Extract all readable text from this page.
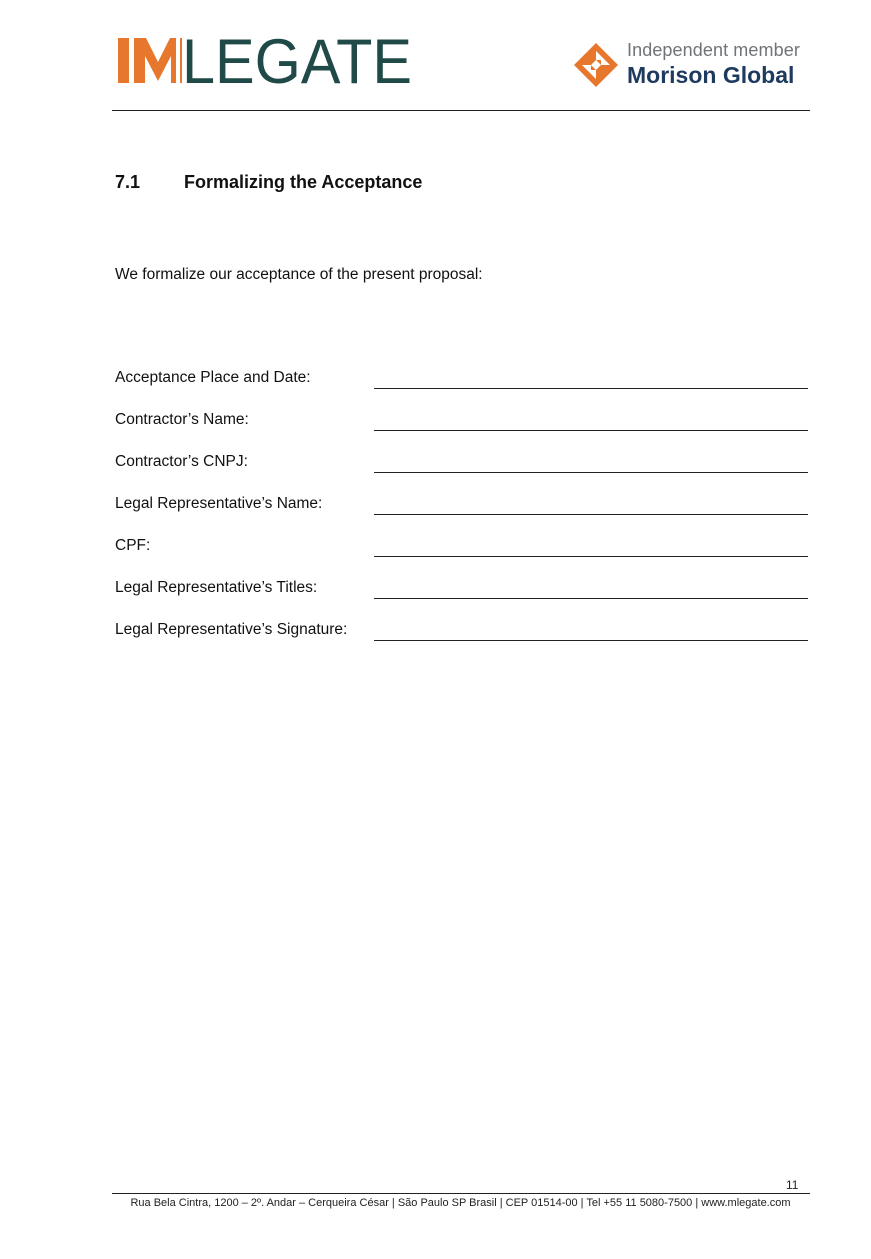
LEGATE	Independent member
Morison Global
7.1 Formalizing the Acceptance
We formalize our acceptance of the present proposal:
Acceptance Place and Date:
Contractor’s Name:
Contractor’s CNPJ:
Legal Representative’s Name:
CPF:
Legal Representative’s Titles:
Legal Representative’s Signature:
11
Rua Bela Cintra, 1200 – 2º. Andar – Cerqueira César | São Paulo SP Brasil | CEP 01514-00 | Tel +55 11 5080-7500 | www.mlegate.com
